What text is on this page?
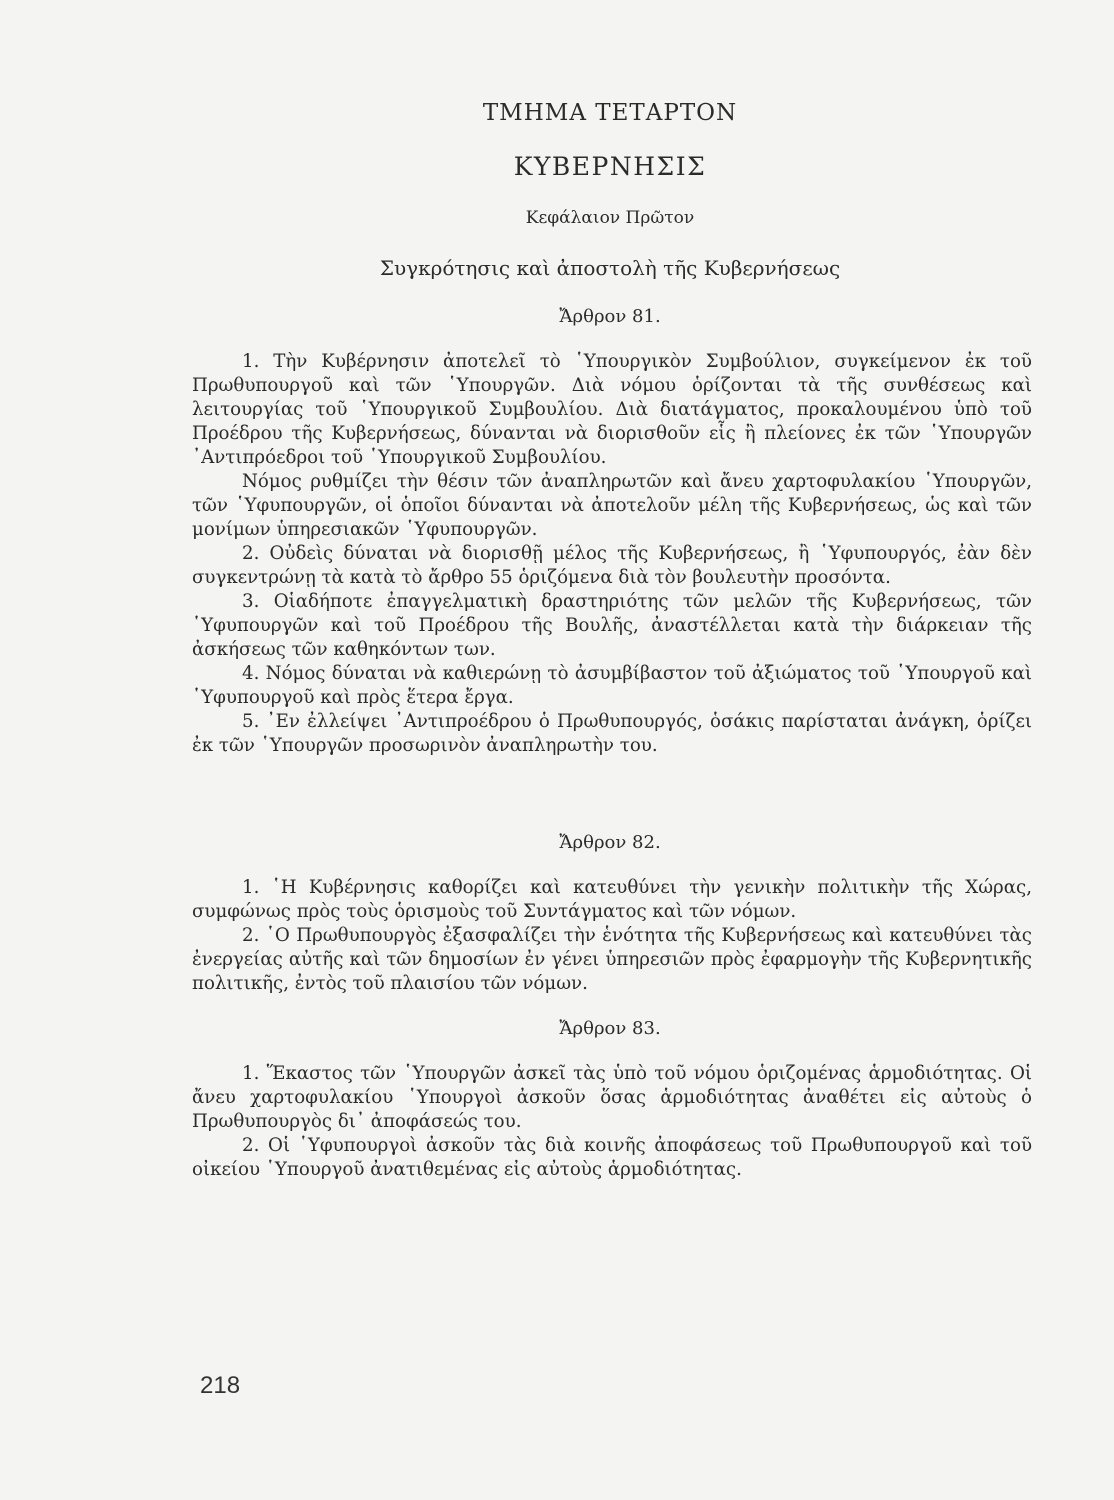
ΤΜΗΜΑ ΤΕΤΑΡΤΟΝ
ΚΥΒΕΡΝΗΣΙΣ
Κεφάλαιον Πρῶτον
Συγκρότησις καὶ ἀποστολὴ τῆς Κυβερνήσεως
Ἄρθρον 81.

1. Τὴν Κυβέρνησιν ἀποτελεῖ τὸ ῾Υπουργικὸν Συμβούλιον, συγκείμενον ἐκ τοῦ Πρωθυπουργοῦ καὶ τῶν ῾Υπουργῶν. Διὰ νόμου ὁρίζονται τὰ τῆς συνθέσεως καὶ λειτουργίας τοῦ ῾Υπουργικοῦ Συμβουλίου. Διὰ διατάγματος, προκαλουμένου ὑπὸ τοῦ Προέδρου τῆς Κυβερνήσεως, δύνανται νὰ διορισθοῦν εἷς ἢ πλείονες ἐκ τῶν ῾Υπουργῶν ᾿Αντιπρόεδροι τοῦ ῾Υπουργικοῦ Συμβουλίου.

Νόμος ρυθμίζει τὴν θέσιν τῶν ἀναπληρωτῶν καὶ ἄνευ χαρτοφυλακίου ῾Υπουργῶν, τῶν ῾Υφυπουργῶν, οἱ ὁποῖοι δύνανται νὰ ἀποτελοῦν μέλη τῆς Κυβερνήσεως, ὡς καὶ τῶν μονίμων ὑπηρεσιακῶν ῾Υφυπουργῶν.

2. Οὐδεὶς δύναται νὰ διορισθῇ μέλος τῆς Κυβερνήσεως, ἢ ῾Υφυπουργός, ἐὰν δὲν συγκεντρώνῃ τὰ κατὰ τὸ ἄρθρο 55 ὁριζόμενα διὰ τὸν βουλευτὴν προσόντα.

3. Οἱαδήποτε ἐπαγγελματικὴ δραστηριότης τῶν μελῶν τῆς Κυβερνήσεως, τῶν ῾Υφυπουργῶν καὶ τοῦ Προέδρου τῆς Βουλῆς, ἀναστέλλεται κατὰ τὴν διάρκειαν τῆς ἀσκήσεως τῶν καθηκόντων των.

4. Νόμος δύναται νὰ καθιερώνῃ τὸ ἀσυμβίβαστον τοῦ ἀξιώματος τοῦ ῾Υπουργοῦ καὶ ῾Υφυπουργοῦ καὶ πρὸς ἕτερα ἔργα.

5. ᾿Εν ἐλλείψει ᾿Αντιπροέδρου ὁ Πρωθυπουργός, ὁσάκις παρίσταται ἀνάγκη, ὁρίζει ἐκ τῶν ῾Υπουργῶν προσωρινὸν ἀναπληρωτὴν του.

Ἄρθρον 82.

1. ῾Η Κυβέρνησις καθορίζει καὶ κατευθύνει τὴν γενικὴν πολιτικὴν τῆς Χώρας, συμφώνως πρὸς τοὺς ὁρισμοὺς τοῦ Συντάγματος καὶ τῶν νόμων.

2. ῾Ο Πρωθυπουργὸς ἐξασφαλίζει τὴν ἑνότητα τῆς Κυβερνήσεως καὶ κατευθύνει τὰς ἐνεργείας αὐτῆς καὶ τῶν δημοσίων ἐν γένει ὑπηρεσιῶν πρὸς ἐφαρμογὴν τῆς Κυβερνητικῆς πολιτικῆς, ἐντὸς τοῦ πλαισίου τῶν νόμων.

Ἄρθρον 83.

1. Ἕκαστος τῶν ῾Υπουργῶν ἀσκεῖ τὰς ὑπὸ τοῦ νόμου ὁριζομένας ἁρμοδιότητας. Οἱ ἄνευ χαρτοφυλακίου ῾Υπουργοὶ ἀσκοῦν ὅσας ἁρμοδιότητας ἀναθέτει εἰς αὐτοὺς ὁ Πρωθυπουργὸς δι᾿ ἀποφάσεώς του.

2. Οἱ ῾Υφυπουργοὶ ἀσκοῦν τὰς διὰ κοινῆς ἀποφάσεως τοῦ Πρωθυπουργοῦ καὶ τοῦ οἰκείου ῾Υπουργοῦ ἀνατιθεμένας εἰς αὐτοὺς ἁρμοδιότητας.

218
